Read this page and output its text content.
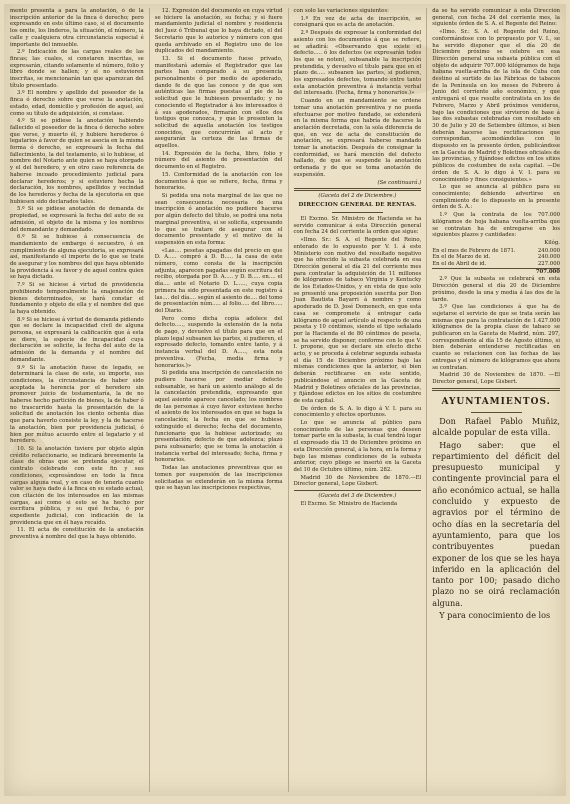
mento presenta a para la anotación, ó de la inscripción anterior de la finca ó derecho; pero expresando en este último caso, si el documento los omite, los linderos, la situación, el número, la calle y cualquiera otra circunstancia especial é importante del inmueble.

2.º Indicación de las cargas reales de las fincas; las cuales, si constaren inscritas, se expresarán, citando solamente el número, folio y libro donde se hallen; y si no estuvieren inscritas, se mencionarán tan que aparezcan del título presentado.

3.º El nombre y apellido del poseedor de la finca ó derecho sobre que verse la anotación, estado, edad, domicilio y profesión de aquel, así como su título de adquisición, si constase.

4.º Si se pidiese la anotación habiendo fallecido el poseedor de la finca ó derecho sobre que verse, y muerto él, y hubiere herederos ó legatarios á favor de quien se asocia en la misma forma ó derecho, se expresará la fecha del fallecimiento, la del testamento, si lo hubiese, el nombre del Notario ante quien se haya otorgado y el del heredero, y en otro caso referencia de haberse incoado procedimiento judicial para declarar herederos; y si estuviere hecha la declaración, los nombres, apellidos y vecindad de los herederos y fecha de la ejecutoria en que hubiesen sido declarados tales.

5.º Si se pidiese anotación de demanda de propiedad, se expresará la fecha del auto de su admisión, el objeto de la misma y los nombres del demandante y demandado.

6.º Si se hubiese á consecuencia de mandamiento de embargo ó secuestro, ó en cumplimiento de alguna ejecutoria, se expresará así, manifestando el importe de lo que se trate de asegurar y los nombres del que haya obtenido la providencia á su favor y de aquel contra quien se haya dictado.

7.º Si se hiciese á virtud de providencia prohibiendo temporalmente la enajenación de bienes determinados, se hará constar el fundamento y objeto de ella y el nombre del que la haya obtenido.

8.º Si se hiciese á virtud de demanda pidiendo que se declare la incapacidad civil de alguna persona, se expresará la calificación que á esta se diere, la especie de incapacidad cuya declaración se solicite, la fecha del auto de la admisión de la demanda y el nombre del demandante.

9.º Si la anotación fuese de legado, se determinará la clase de este, su importe, sus condiciones, la circunstancia de haber sido aceptada la herencia por el heredero sin promover juicio de testamentaría, la de no haberse hecho partición de bienes, la de haber ó no trascurrido hasta la presentación de la solicitud de anotación los ciento ochenta días que para haverlo consiste la ley, y la de hacerse la anotación, bien por providencia judicial, ó bien por mútuo acuerdo entre el legatario y el heredero.

10. Si la anotación tuviere por objeto algún crédito refaccionario, se indicará brevemente la clase de obras que se pretenda ejecutar, el contrato celebrado con este fin y sus condiciones, expresándose en todo la finca cargas alguna real, y en caso de tenerla cuanto valor se haya dado á la finca en su estado actual, con citación de los interesados en las mismas cargas, así como si esto se ha hecho por escritura pública, y su qué fecha, ó por expediente judicial, con indicación de la providencia que en él haya recaído.

11. El acta de constitución de la anotación preventiva á nombre del que la haya obtenido.

12. Expresión del documento en cuya virtud se hiciere la anotación, su fecha; y si fuere mandamiento judicial el nombre y residencia del Juez ó Tribunal que lo haya dictado, el del Secretario que lo autorice y número con que queda archivado en el Registro uno de los duplicados del mandamiento.

13. Si el documento fuese privado, manifestará además el Registrador que las partes han comparado á su presencia personalmente ó por medio de apoderado, dando fe de que las conoce y de que son auténticas las firmas puestas al pie de la solicitud que le hubiesen presentado; y no conociendo el Registrador á los interesados ó á sus apoderados, firmarán con ellos dos testigos que conozca, y que le presenten la solicitud de aquella anotación los testigos conocidos, que concurrirán al acto y asegurarán la certeza de las firmas de aquellos.

14. Expresión de la fecha, libro, folio y número del asiento de presentación del documento en el Registro.

15. Conformidad de la anotación con los documentos á que se refiere, fecha, firma y honorarios.

Si pedida una nota marginal de las que no sean consecuencia necesaria de una inscripción ó anotación no pudiere hacerse por algún defecto del título, se podrá una nota marginal preventiva, si se solicita, expresando lo que se tratare de asegurar con el documento presentado y el motivo de la suspensión en esta forma:

«Las.... pesetas apagadas del precio en que D. A..... compró á D. B..... la casa de este número, como consta de la inscripción adjunta, aparecen pagadas según escritura del recibo, otorgada por D. A..... y D. B..... en.... el día.... ante el Notario D. L....., cuya copia primera ha sido presentada en este registro á las.... del día.... según el asiento de.... del tomo de presentación núm..... al folio..... del libro..... del Diario.

Pero como dicha copia adolece del defecto....., suspendo la extensión de la nota de pago, y devuelvo el título para que en el plazo legal subsanen las partes, si pudieren, el expresado defecto, tomando entre tanto, y á instancia verbal del D. A....., esta nota preventiva. (Fecha, media firma y honorarios.)»

Si pedida una inscripción de cancelación no pudiere hacerse por mediar defecto subsanable, se hará un asiento análogo al de la cancelación pretendida, expresando que aquel asiento aparece cancelado; los nombres de las personas á cuyo favor estuviese hecho el asiento de los interesados en que se haga la cancelación; la fecha en que se hubiese extinguido el derecho; fecha del documento, funcionario que la hubiese autorizado; su presentación; defecto de que adolezca; plazo para subsanarlo; que se toma la anotación á instancia verbal del interesado; fecha, firma y honorarios.

Todas las anotaciones preventivas que se tomen por suspensión de las inscripciones solicitadas se extenderán en la misma forma que se hayan las inscripciones respectivas,

con solo las variaciones siguientes:

1.º En vez de acta de inscripción, se consignará que es acta de anotación.

2.º Después de expresar la conformidad del asiento con los documentos á que se refiere, se añadirá: «Observando que existe el defecto..... ó los defectos (se expresarán todos los que se noten), subsanable la inscripción pretendida, y devuelvo el título para que en el plazo de..... subsanen las partes, si pudieren, los expresados defectos, tomando entre tanto esta anotación preventiva á instancia verbal del interesado. (Fecha, firma y honorarios.)»

Cuando en un mandamiento se ordene tomar una anotación preventiva y no pueda efectuarse por motivo fundado, se extenderá en la misma forma que habría de hacerse la anotación decretada, con la sola diferencia de que, en vez de acta de constitución de anotación, se expresará haberse mandado tomar la anotación. Después de consignar la conformidad, se hará mención del defecto hallado, de que se suspende la anotación ordenada y de que se toma anotación de suspensión.

(Se continuará.)

(Gaceta del 2 de Diciembre.)

DIRECCION GENERAL DE RENTAS.

El Excmo. Sr. Ministro de Hacienda se ha servido comunicar á esta Dirección general con fecha 24 del corriente la orden que sigue:

«Ilmo. Sr.: S. A. el Regente del Reino, enterado de lo expuesto por V. I. á este Ministerio con motivo del resultado negativo que ha ofrecido la subasta celebrada en esa Dirección general el día 21 del corriente mes para contratar la adquisición de 11 millones de kilógramos de tabaco Virginia y Kentucky de los Estados-Unidos, y en vista de que solo se presentó una proposición suscrita por Don Juan Bautista Bayarri á nombre y como apoderado de D. José Domenech, en que esta casa se compromete á entregar cada kilógramo de aquel artículo al respecto de una peseta y 10 céntimos, siendo el tipo señalado por la Hacienda el de 80 céntimos de peseta, se ha servido disponer, conforme con lo que V. I. propone, que se declare sin efecto dicho acto, y se proceda á celebrar segunda subasta el día 15 de Diciembre próximo bajo las mismas condiciones que la anterior, si bien deberán rectificarse en este sentido, publicándose el anuncio en la Gaceta de Madrid y Boletines oficiales de las provincias, y fijándose edictos en los sitios de costumbre de esta capital.

De órden de S. A. lo digo á V. I. para su conocimiento y efectos oportunos.

Lo que se anuncia al público para conocimiento de las personas que deseen tomar parte en la subasta, la cual tendrá lugar el expresado día 15 de Diciembre próximo en esta Dirección general, á la hora, en la forma y bajo las mismas condiciones de la subasta anterior, cuyo pliego se insertó en la Gaceta del 10 de Octubre último, núm. 282.

Madrid 30 de Noviembre de 1870.—El Director general, Lope Gisbert.

(Gaceta del 3 de Diciembre.)

El Excmo. Sr. Ministro de Hacienda

da se ha servido comunicar á esta Dirección general, con fecha 24 del corriente mes, la siguiente órden de S. A. el Regente del Reino:

«Ilmo. Sr.: S. A. el Regente del Reino, conformándose con lo propuesto por V. I., se ha servido disponer que el día 20 de Diciembre próximo se celebre en esa Dirección general una subasta pública con el objeto de adquirir 707.000 kilógramos de hoja habana vuelta-arriba de la isla de Cuba con destino al surtido de las Fábricas de tabacos de la Península en los meses de Febrero á Junio del corriente año económico, y que entregará el que resulte contratista en los de Febrero, Marzo y Abril próximos venideros, bajo las condiciones que sirvieron de base á las dos subastas celebradas con resultado en 30 de Julio y 20 de Setiembre últimos, si bien deberán hacerse las rectificaciones que correspondan, acomodándolas con lo dispuesto en la presente órden, publicándose en la Gaceta de Madrid y Boletines oficiales de las provincias, y fijándose edictos en los sitios públicos de costumbre de esta capital. —De órden de S. A. lo digo á V. I. para su conocimiento y fines consiguientes.»

Lo que se anuncia al público para su conocimiento; debiendo advertirse en cumplimiento de lo dispuesto en la presente órden de S. A.:

1.º Que la contrata de los 707.000 kilógramos de hoja habana vuelta-arriba que se contratan ha de entregarse en los siguientes plazos y cantidades:

Kilóg.

En el mes de Febrero de 1871.	240.000
En el de Marzo de id.	240.000
En el de Abril de id.	227.000
	707.000

2.º Que la subasta se celebrará en esta Dirección general el día 20 de Diciembre próximo, desde la una y media á las dos de la tarde.

3.º Que las condiciones á que ha de sujetarse el servicio de que se trata serán las mismas que para la contratación de 1.427.000 kilógramos de la propia clase de tabaco se publicaron en la Gaceta de Madrid, núm. 297, correspondiente al día 15 de Agosto último, si bien deberán entenderse rectificadas en cuanto se relacionen con las fechas de las entregas y el número de kilógramos que ahora se contratan.

Madrid 30 de Noviembre de 1870. —El Director general, Lope Gisbert.

AYUNTAMIENTOS.

Don Rafael Pablo Muñiz, alcalde popular de esta villa.

Hago saber: que el repartimiento del déficit del presupuesto municipal y contingente provincial para el año económico actual, se halla concluido y expuesto de agravios por el término de ocho días en la secretaría del ayuntamiento, para que los contribuyentes puedan exponer de los que se les haya inferido en la aplicación del tanto por 100; pasado dicho plazo no se oirá reclamación alguna.

Y para conocimiento de los
